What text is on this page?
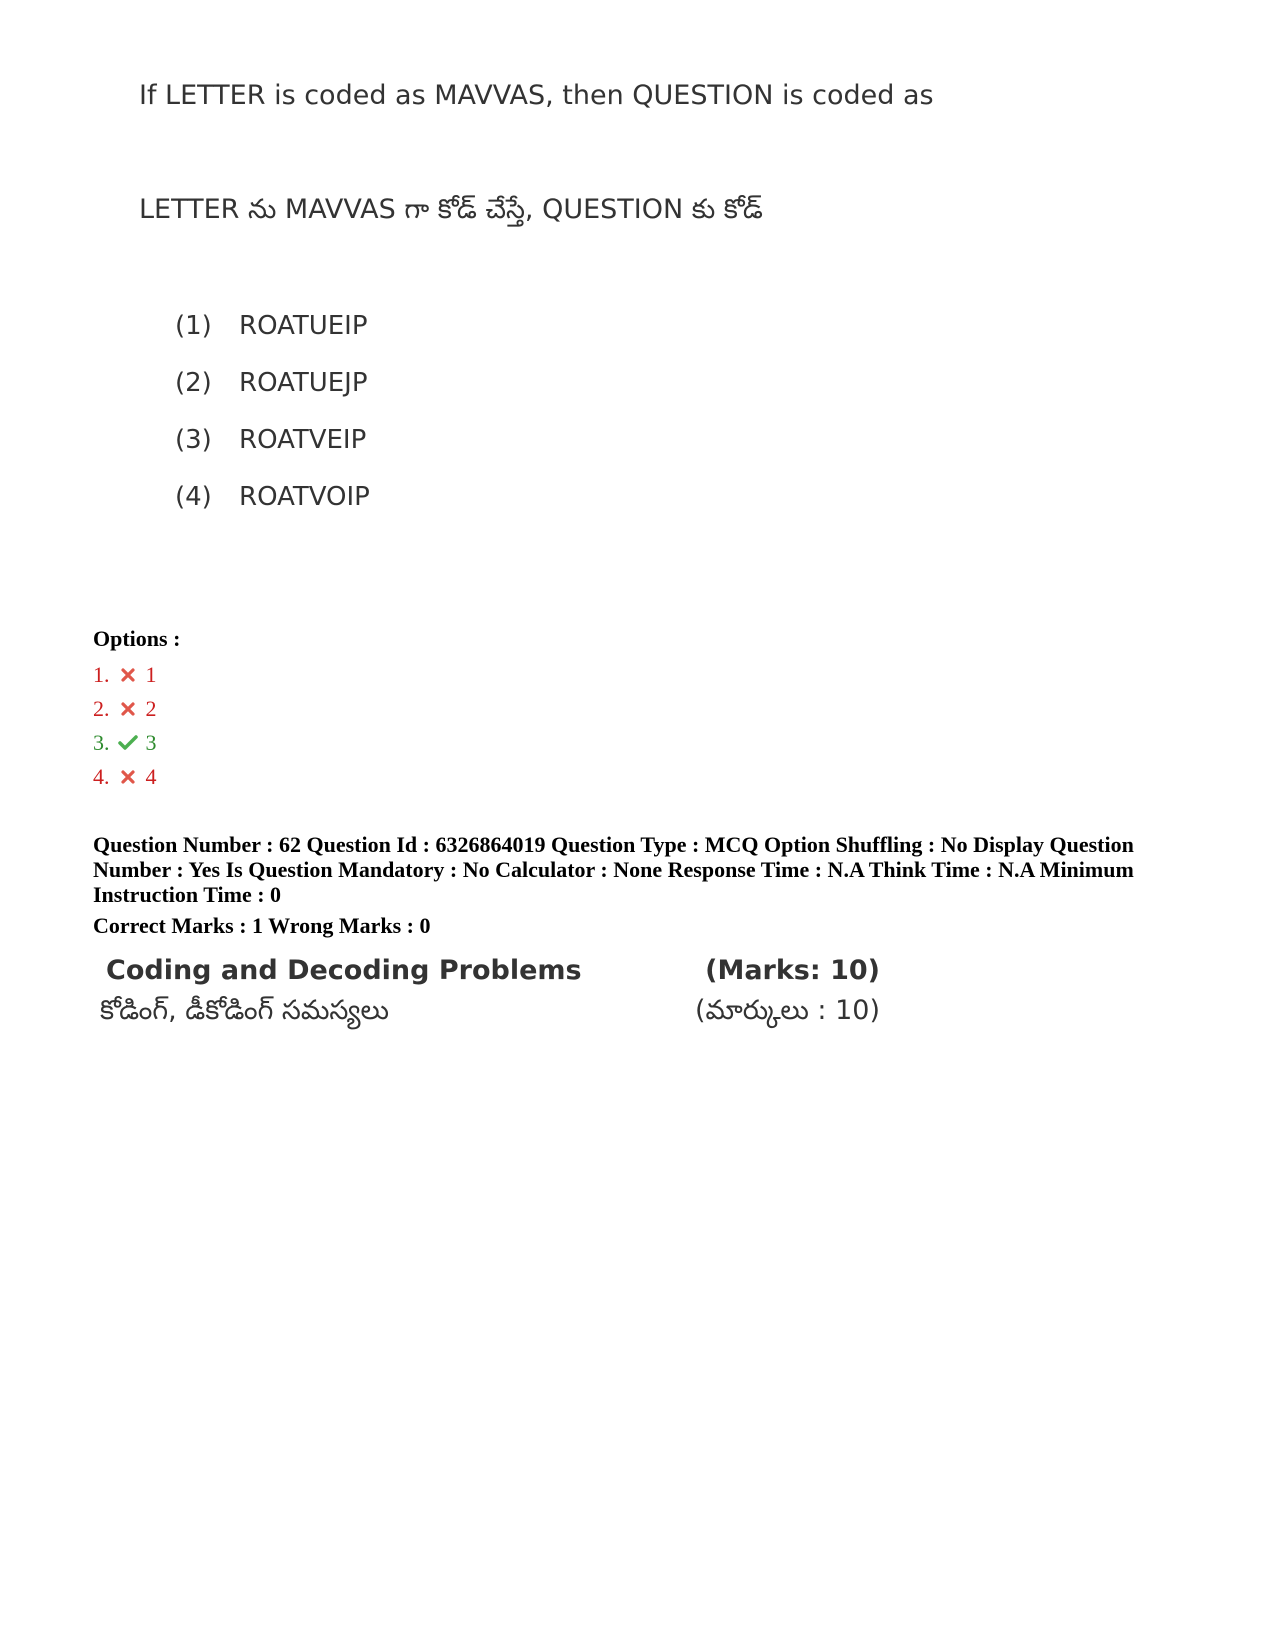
If LETTER is coded as MAVVAS, then QUESTION is coded as
LETTER ను MAVVAS గా కోడ్ చేస్తే, QUESTION కు కోడ్
(1)	ROATUEIP
(2)	ROATUEJP
(3)	ROATVEIP
(4)	ROATVOIP
Options :
1. 1
2. 2
3. 3
4. 4
Question Number : 62 Question Id : 6326864019 Question Type : MCQ Option Shuffling : No Display Question Number : Yes Is Question Mandatory : No Calculator : None Response Time : N.A Think Time : N.A Minimum Instruction Time : 0
Correct Marks : 1 Wrong Marks : 0
Coding and Decoding Problems	(Marks: 10)
కోడింగ్, డీకోడింగ్ సమస్యలు	(మార్కులు : 10)
